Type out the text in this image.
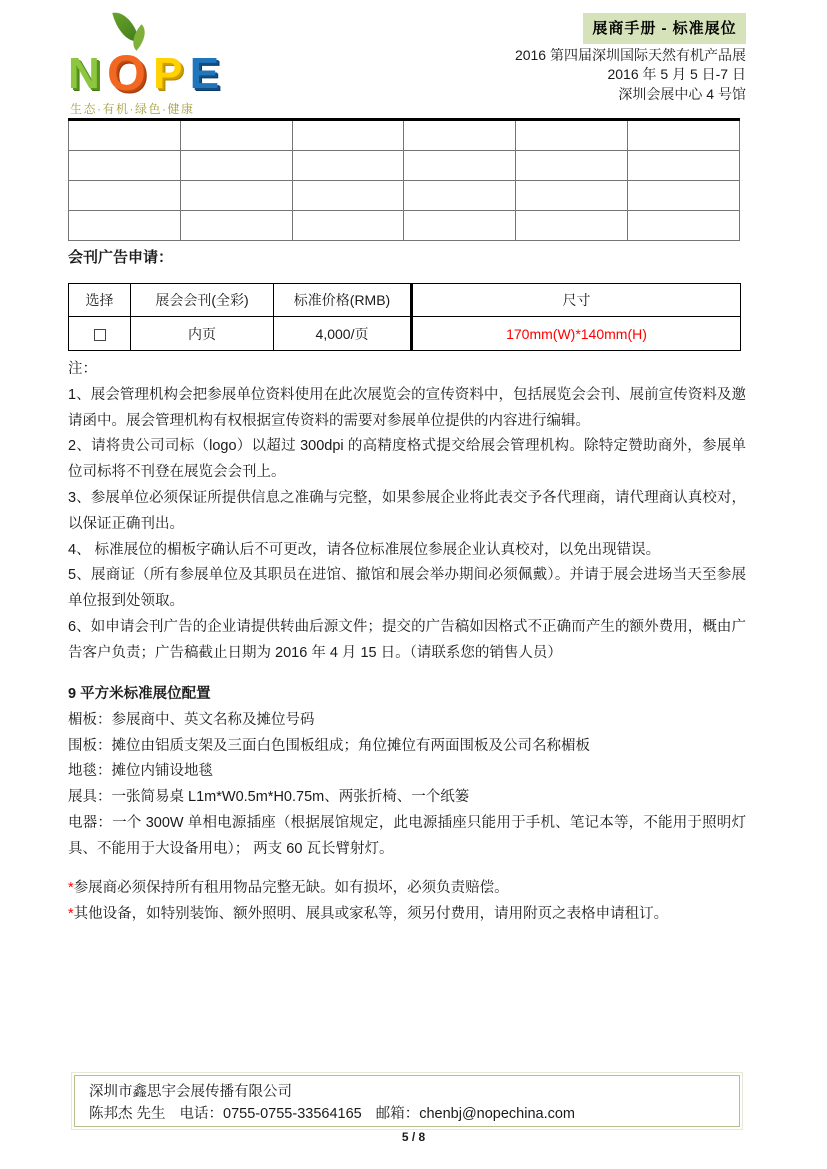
N O P E
生态·有机·绿色·健康
展商手册 - 标准展位
2016 第四届深圳国际天然有机产品展
2016 年 5 月 5 日-7 日
深圳会展中心 4 号馆

会刊广告申请：
选择	展会会刊(全彩)	标准价格(RMB)	尺寸
	内页	4,000/页	170mm(W)*140mm(H)

注：

1、展会管理机构会把参展单位资料使用在此次展览会的宣传资料中，包括展览会会刊、展前宣传资料及邀请函中。展会管理机构有权根据宣传资料的需要对参展单位提供的内容进行编辑。

2、请将贵公司司标（logo）以超过 300dpi 的高精度格式提交给展会管理机构。除特定赞助商外，参展单位司标将不刊登在展览会会刊上。

3、参展单位必须保证所提供信息之准确与完整，如果参展企业将此表交予各代理商，请代理商认真校对，以保证正确刊出。

4、 标准展位的楣板字确认后不可更改，请各位标准展位参展企业认真校对，以免出现错误。

5、展商证（所有参展单位及其职员在进馆、撤馆和展会举办期间必须佩戴）。并请于展会进场当天至参展单位报到处领取。

6、如申请会刊广告的企业请提供转曲后源文件；提交的广告稿如因格式不正确而产生的额外费用，概由广告客户负责；广告稿截止日期为 2016 年 4 月 15 日。（请联系您的销售人员）

9 平方米标准展位配置

楣板：参展商中、英文名称及摊位号码

围板：摊位由铝质支架及三面白色围板组成；角位摊位有两面围板及公司名称楣板

地毯：摊位内铺设地毯

展具：一张简易桌 L1m*W0.5m*H0.75m、两张折椅、一个纸篓

电器：一个 300W 单相电源插座（根据展馆规定，此电源插座只能用于手机、笔记本等，不能用于照明灯具、不能用于大设备用电）； 两支 60 瓦长臂射灯。

*参展商必须保持所有租用物品完整无缺。如有损坏，必须负责赔偿。

*其他设备，如特别装饰、额外照明、展具或家私等，须另付费用，请用附页之表格申请租订。

深圳市鑫思宇会展传播有限公司
陈邦杰 先生 电话：0755-0755-33564165 邮箱：chenbj@nopechina.com
5 / 8
